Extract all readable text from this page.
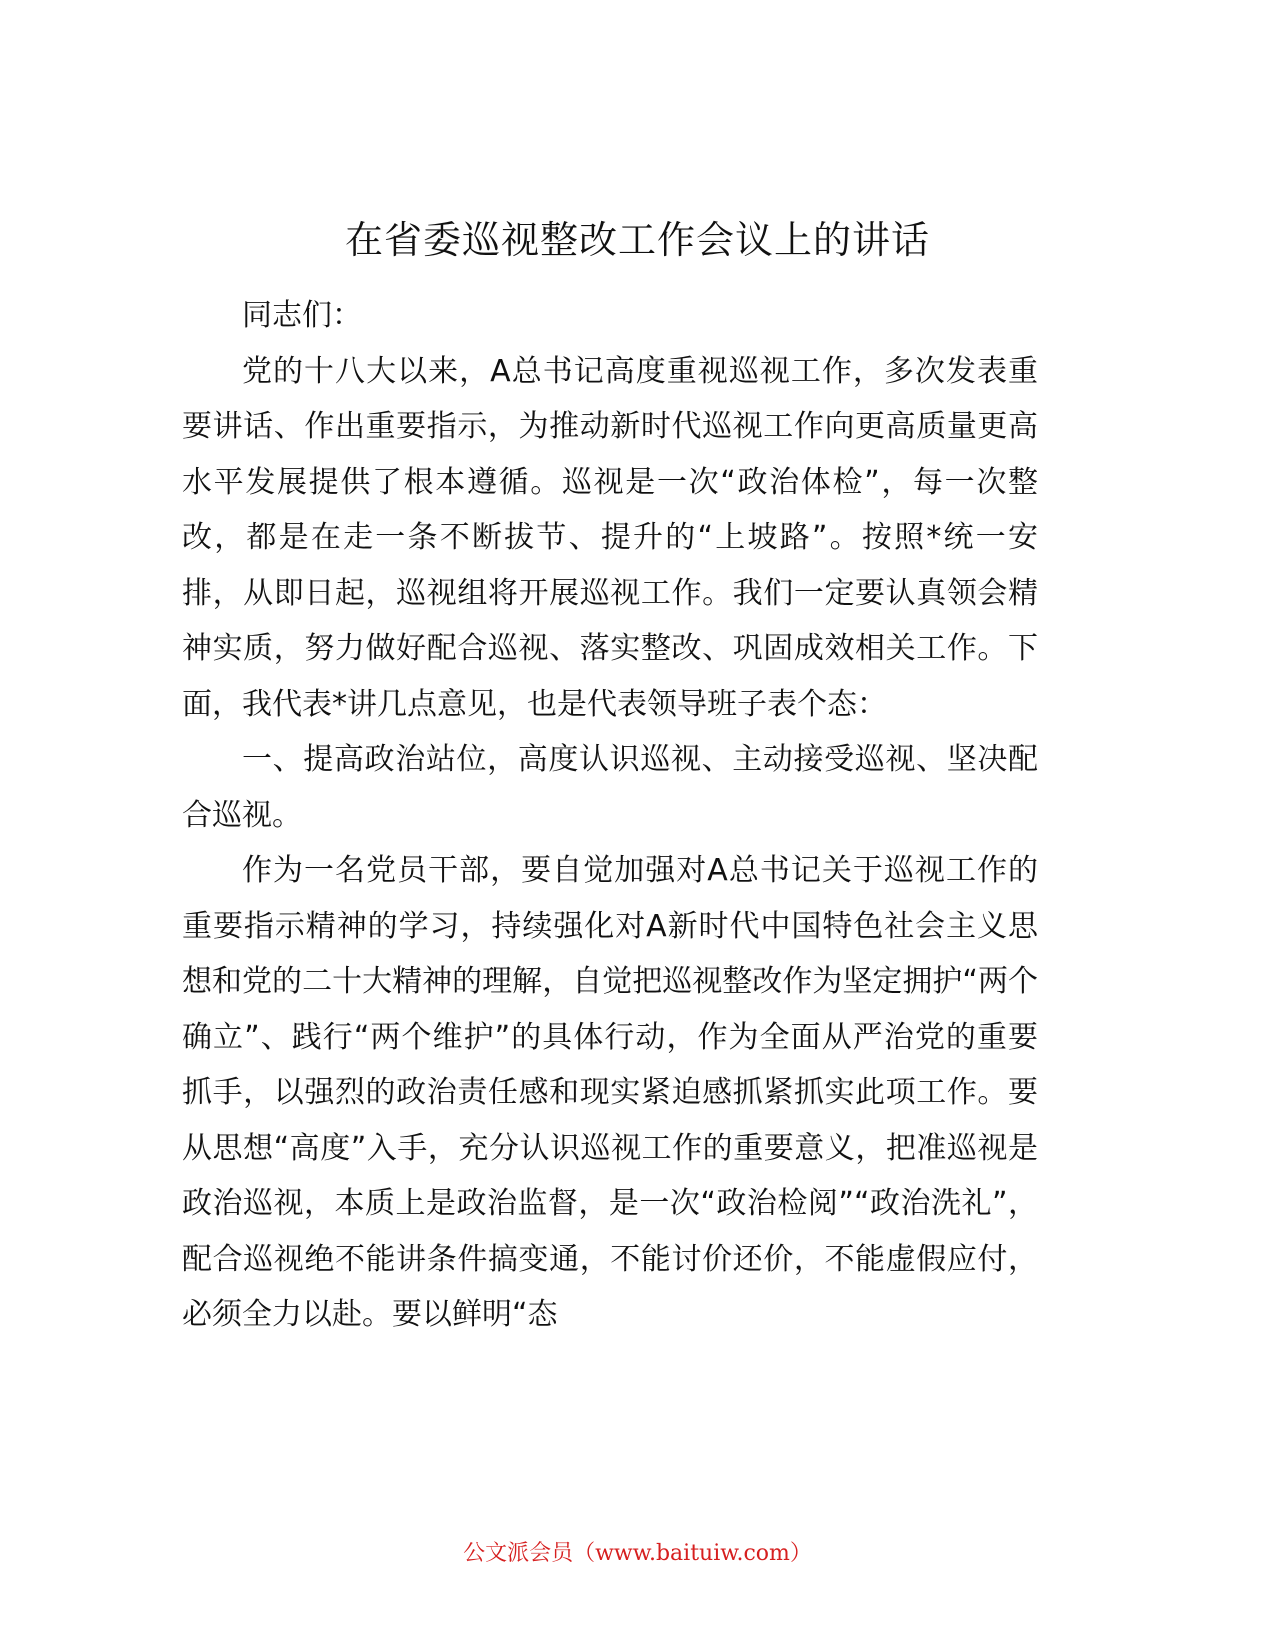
在省委巡视整改工作会议上的讲话

同志们：

党的十八大以来，A总书记高度重视巡视工作，多次发表重要讲话、作出重要指示，为推动新时代巡视工作向更高质量更高水平发展提供了根本遵循。巡视是一次“政治体检”，每一次整改，都是在走一条不断拔节、提升的“上坡路”。按照*统一安排，从即日起，巡视组将开展巡视工作。我们一定要认真领会精神实质，努力做好配合巡视、落实整改、巩固成效相关工作。下面，我代表*讲几点意见，也是代表领导班子表个态：

一、提高政治站位，高度认识巡视、主动接受巡视、坚决配合巡视。

作为一名党员干部，要自觉加强对A总书记关于巡视工作的重要指示精神的学习，持续强化对A新时代中国特色社会主义思想和党的二十大精神的理解，自觉把巡视整改作为坚定拥护“两个确立”、践行“两个维护”的具体行动，作为全面从严治党的重要抓手，以强烈的政治责任感和现实紧迫感抓紧抓实此项工作。要从思想“高度”入手，充分认识巡视工作的重要意义，把准巡视是政治巡视，本质上是政治监督，是一次“政治检阅”“政治洗礼”，配合巡视绝不能讲条件搞变通，不能讨价还价，不能虚假应付，必须全力以赴。要以鲜明“态

公文派会员（www.baituiw.com）
